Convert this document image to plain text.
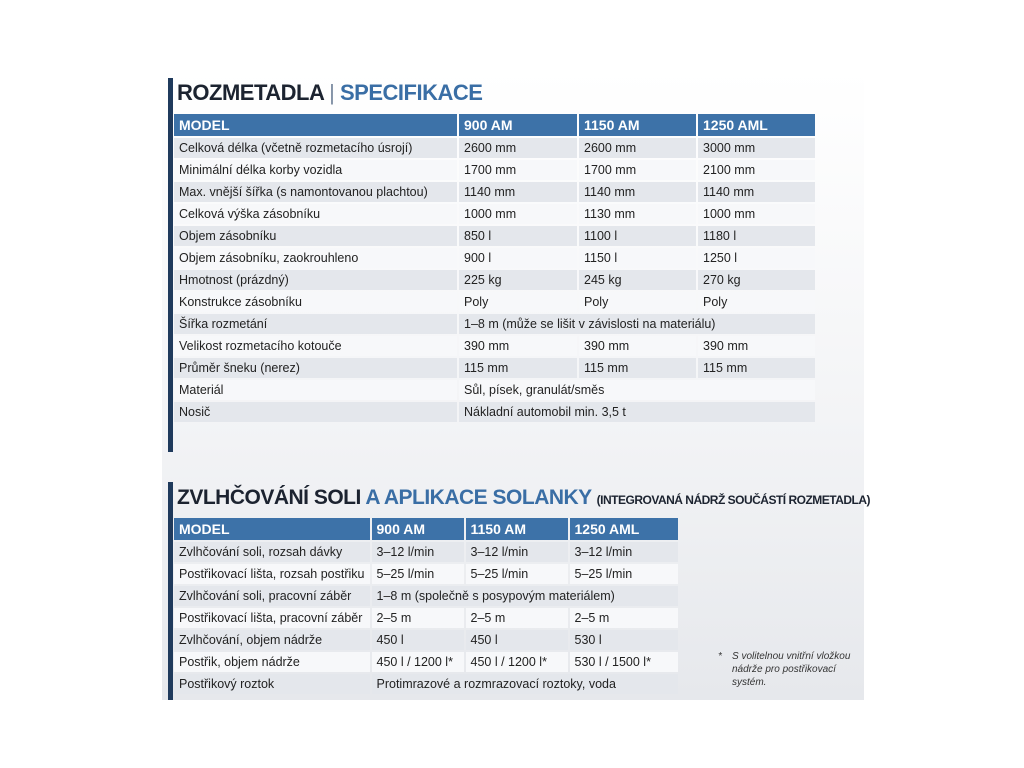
ROZMETADLA | SPECIFIKACE
MODEL	900 AM	1150 AM	1250 AML
Celková délka (včetně rozmetacího úsrojí)	2600 mm	2600 mm	3000 mm
Minimální délka korby vozidla	1700 mm	1700 mm	2100 mm
Max. vnější šířka (s namontovanou plachtou)	1140 mm	1140 mm	1140 mm
Celková výška zásobníku	1000 mm	1130 mm	1000 mm
Objem zásobníku	850 l	1100 l	1180 l
Objem zásobníku, zaokrouhleno	900 l	1150 l	1250 l
Hmotnost (prázdný)	225 kg	245 kg	270 kg
Konstrukce zásobníku	Poly	Poly	Poly
Šířka rozmetání	1–8 m (může se lišit v závislosti na materiálu)		
Velikost rozmetacího kotouče	390 mm	390 mm	390 mm
Průměr šneku (nerez)	115 mm	115 mm	115 mm
Materiál	Sůl, písek, granulát/směs		
Nosič	Nákladní automobil min. 3,5 t		
ZVLHČOVÁNÍ SOLI A APLIKACE SOLANKY (INTEGROVANÁ NÁDRŽ SOUČÁSTÍ ROZMETADLA)
MODEL	900 AM	1150 AM	1250 AML
Zvlhčování soli, rozsah dávky	3–12 l/min	3–12 l/min	3–12 l/min
Postřikovací lišta, rozsah postřiku	5–25 l/min	5–25 l/min	5–25 l/min
Zvlhčování soli, pracovní záběr	1–8 m (společně s posypovým materiálem)		
Postřikovací lišta, pracovní záběr	2–5 m	2–5 m	2–5 m
Zvlhčování, objem nádrže	450 l	450 l	530 l
Postřik, objem nádrže	450 l / 1200 l*	450 l / 1200 l*	530 l / 1500 l*
Postřikový roztok	Protimrazové a rozmrazovací roztoky, voda		
* S volitelnou vnitřní vložkou nádrže pro postřikovací systém.
